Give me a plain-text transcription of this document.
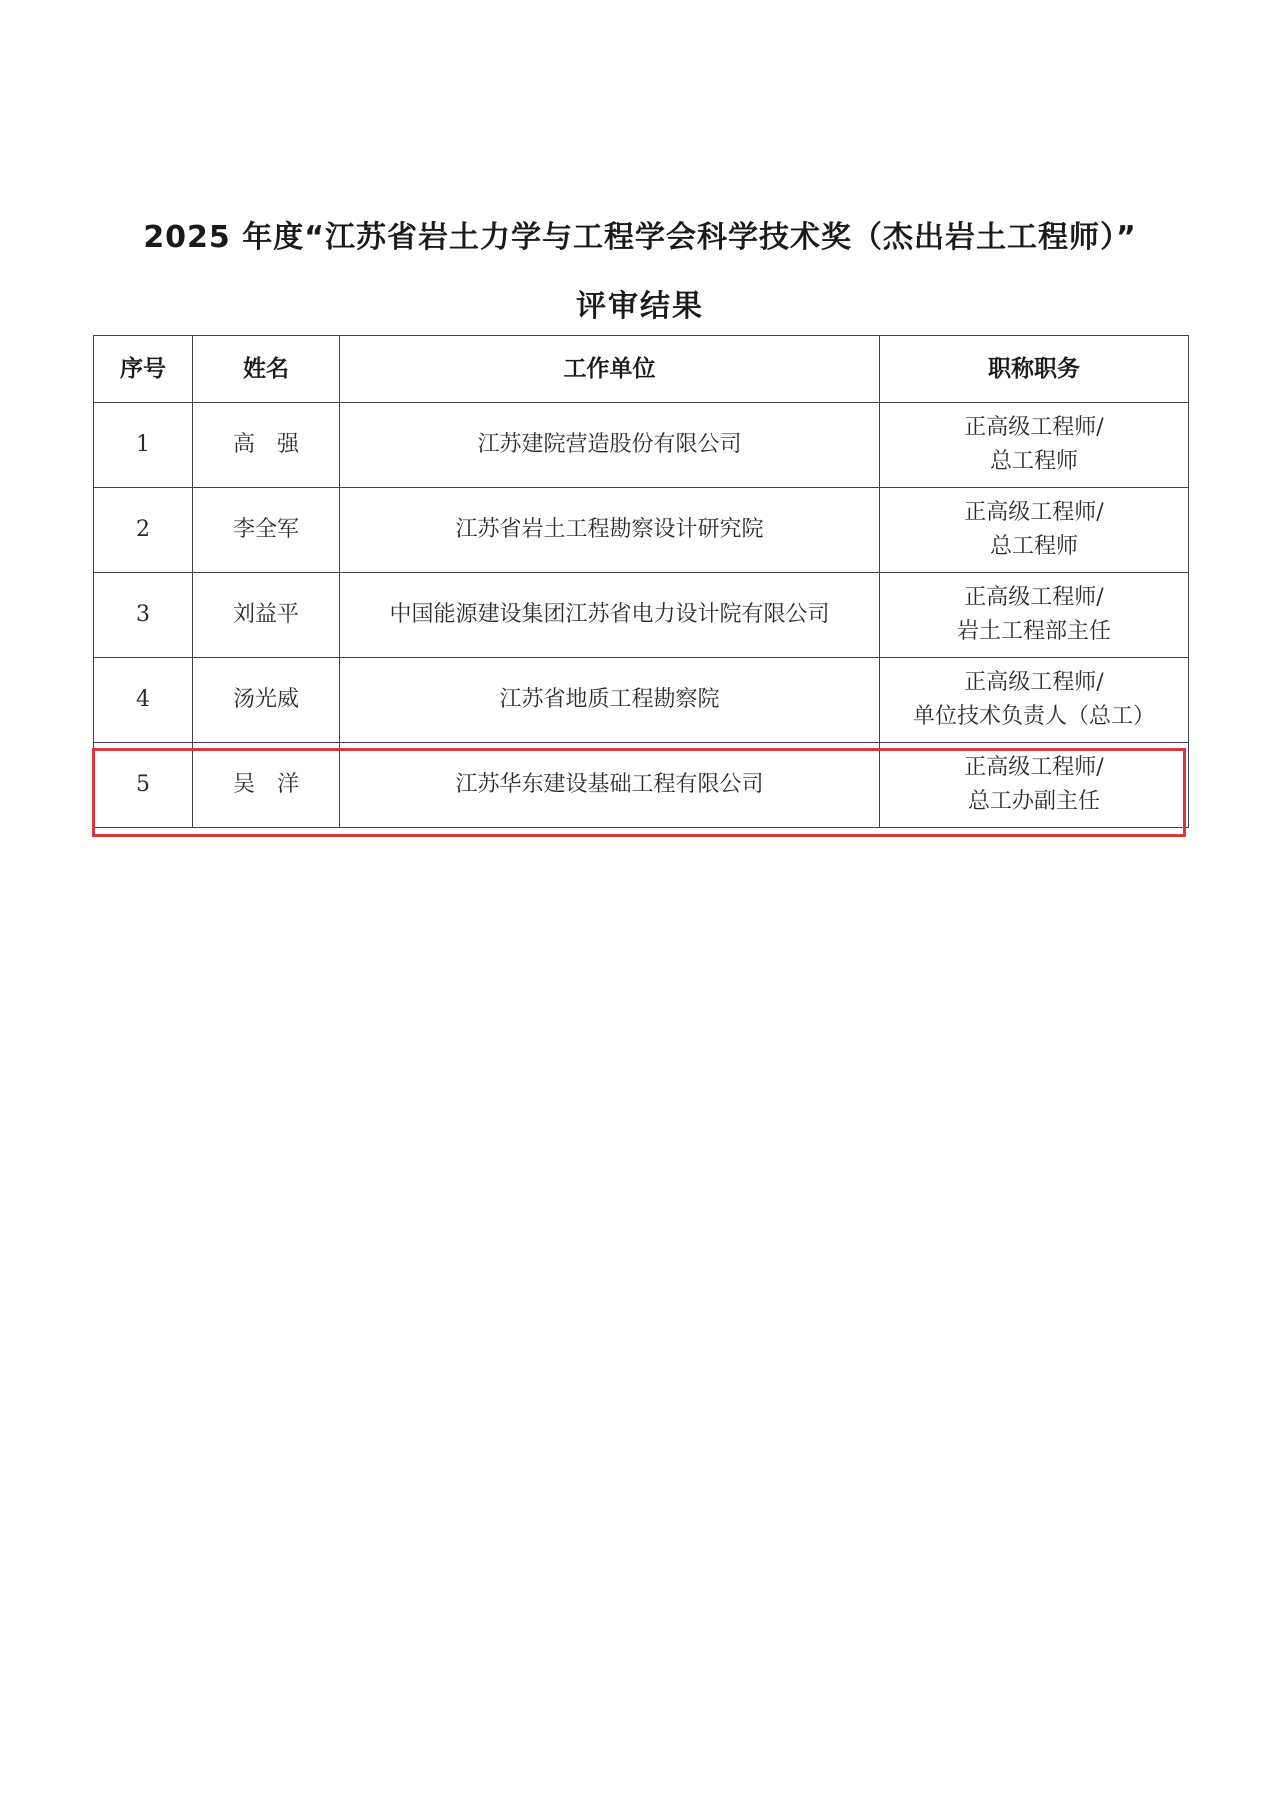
2025 年度“江苏省岩土力学与工程学会科学技术奖（杰出岩土工程师）”
评审结果
序号	姓名	工作单位	职称职务
1	高　强	江苏建院营造股份有限公司	正高级工程师/
总工程师

2	李全军	江苏省岩土工程勘察设计研究院	正高级工程师/
总工程师

3	刘益平	中国能源建设集团江苏省电力设计院有限公司	正高级工程师/
岩土工程部主任

4	汤光威	江苏省地质工程勘察院	正高级工程师/
单位技术负责人（总工）

5	吴　洋	江苏华东建设基础工程有限公司	正高级工程师/
总工办副主任
